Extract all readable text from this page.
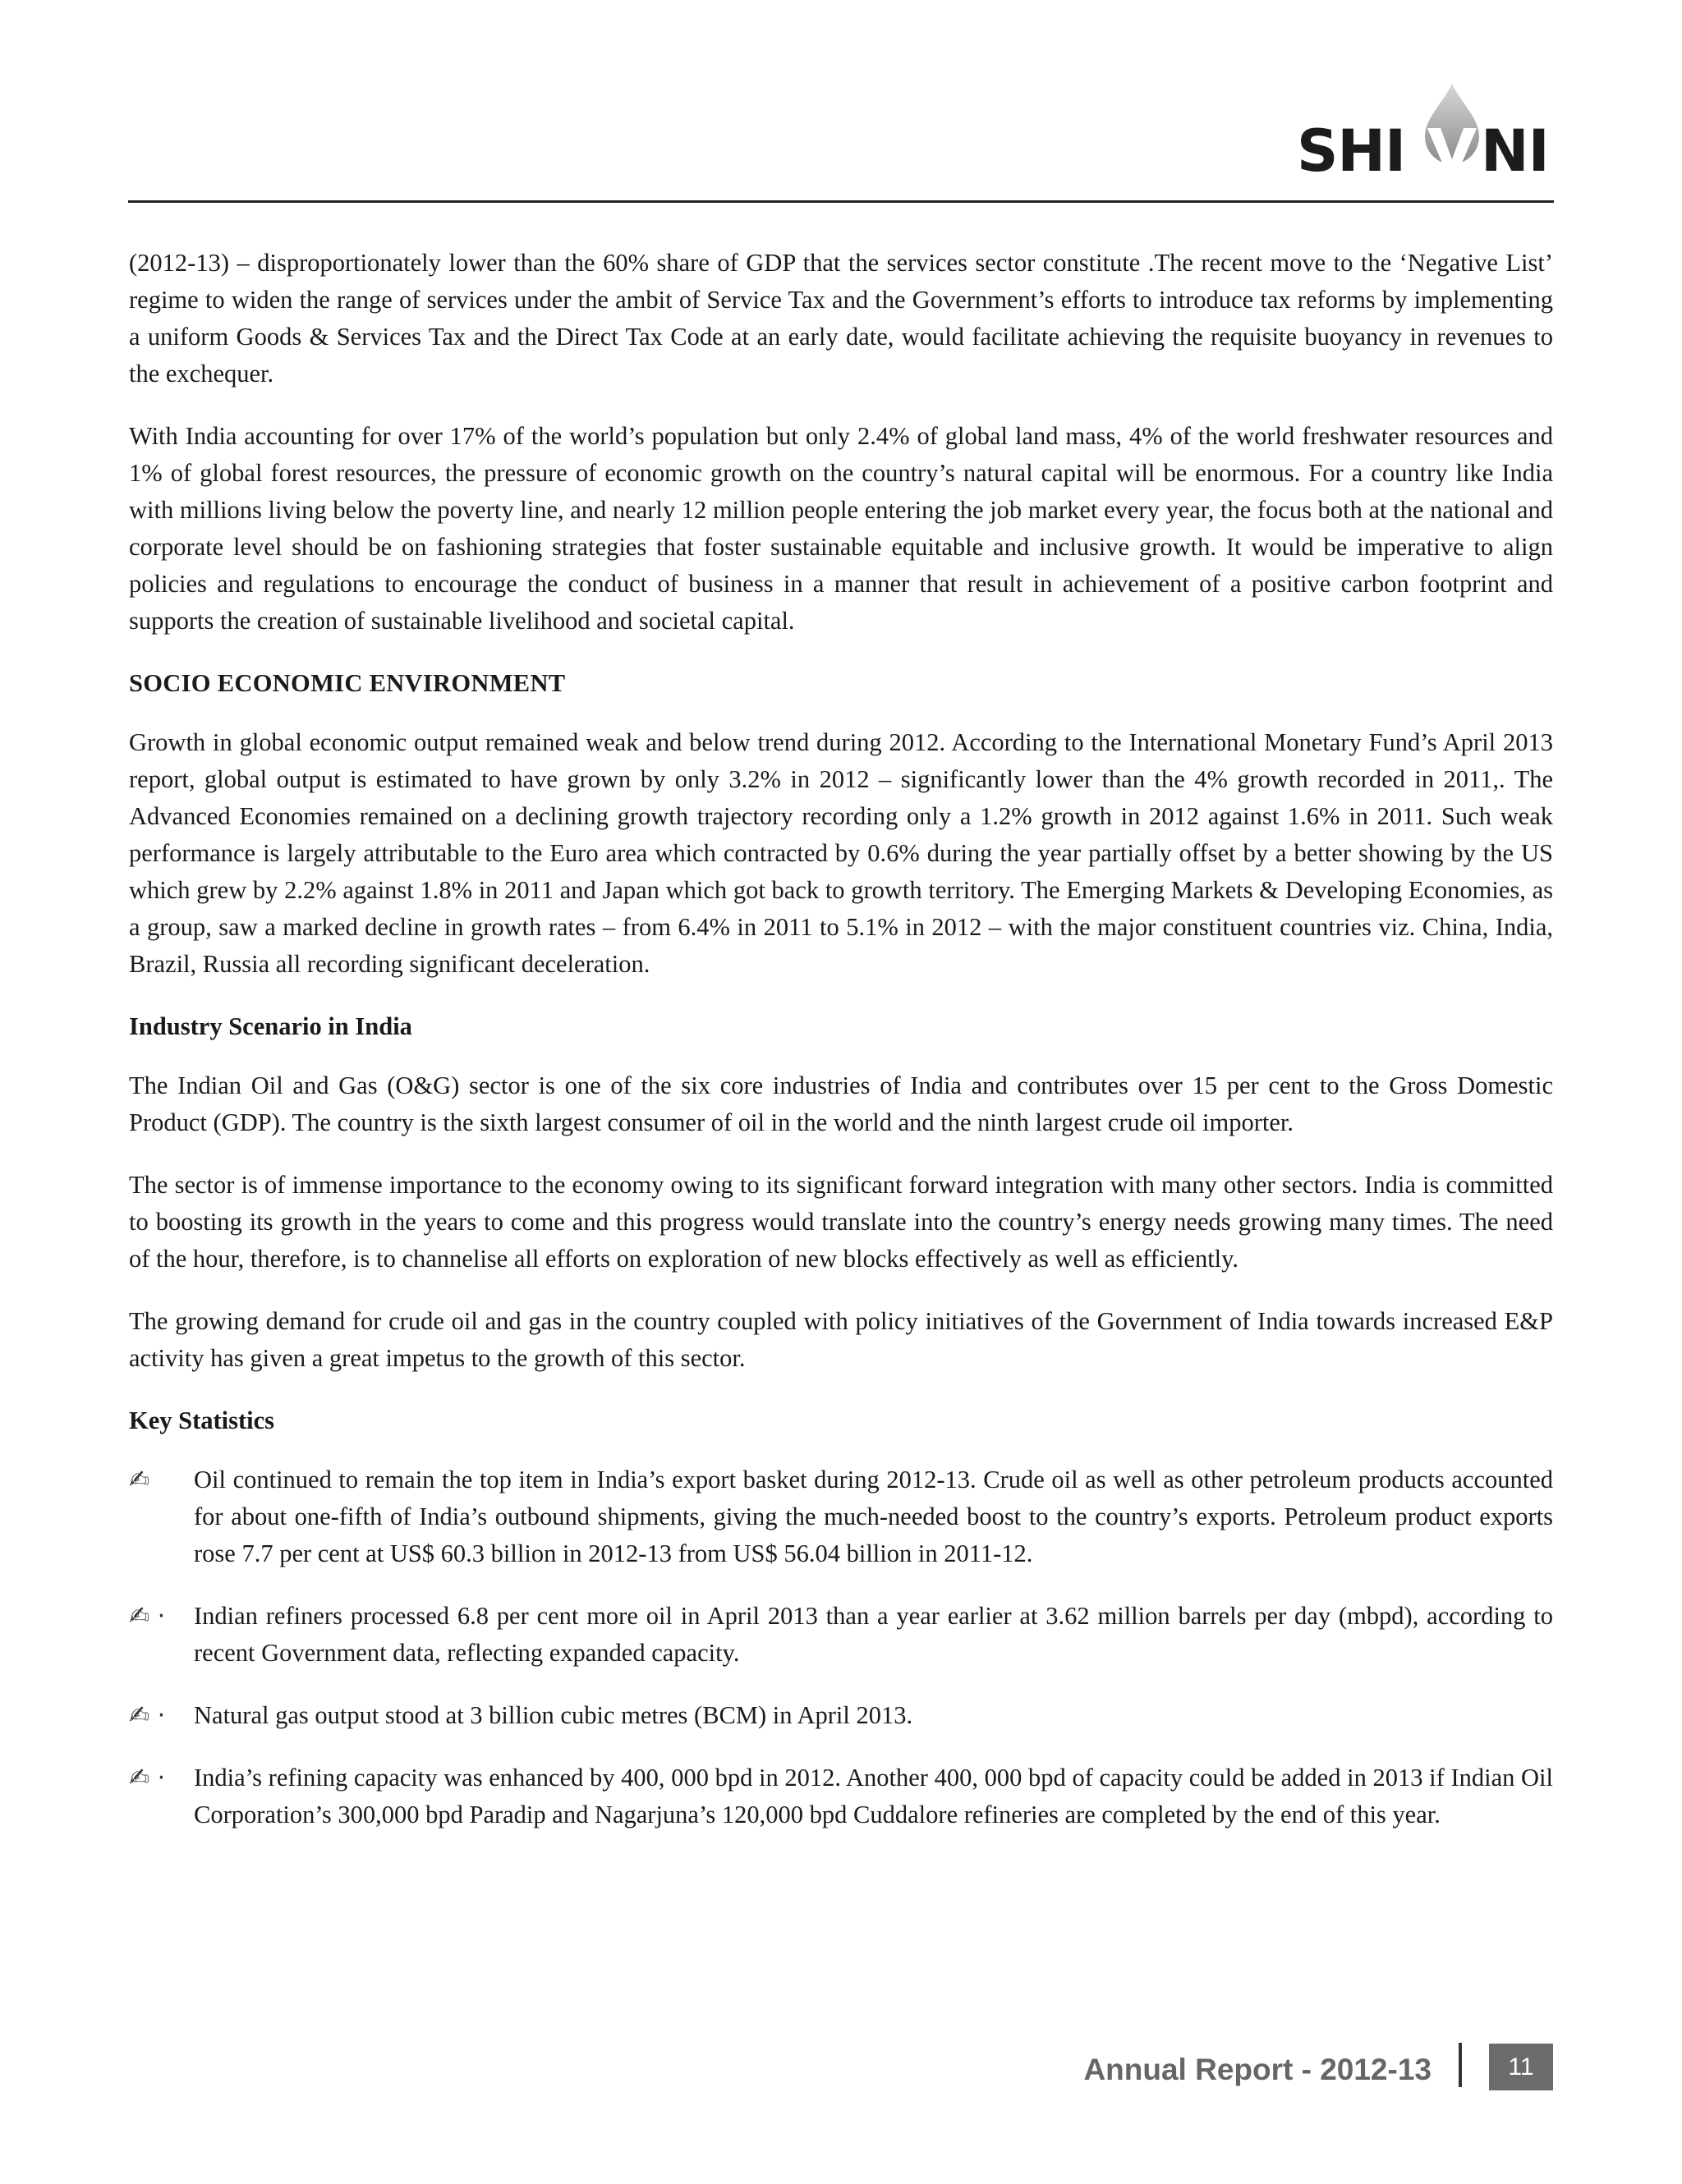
SHI NI

(2012-13) – disproportionately lower than the 60% share of GDP that the services sector constitute .The recent move to the ‘Negative List’ regime to widen the range of services under the ambit of Service Tax and the Government’s efforts to introduce tax reforms by implementing a uniform Goods & Services Tax and the Direct Tax Code at an early date, would facilitate achieving the requisite buoyancy in revenues to the exchequer.

With India accounting for over 17% of the world’s population but only 2.4% of global land mass, 4% of the world freshwater resources and 1% of global forest resources, the pressure of economic growth on the country’s natural capital will be enormous. For a country like India with millions living below the poverty line, and nearly 12 million people entering the job market every year, the focus both at the national and corporate level should be on fashioning strategies that foster sustainable equitable and inclusive growth. It would be imperative to align policies and regulations to encourage the conduct of business in a manner that result in achievement of a positive carbon footprint and supports the creation of sustainable livelihood and societal capital.

SOCIO ECONOMIC ENVIRONMENT

Growth in global economic output remained weak and below trend during 2012. According to the International Monetary Fund’s April 2013 report, global output is estimated to have grown by only 3.2% in 2012 – significantly lower than the 4% growth recorded in 2011,. The Advanced Economies remained on a declining growth trajectory recording only a 1.2% growth in 2012 against 1.6% in 2011. Such weak performance is largely attributable to the Euro area which contracted by 0.6% during the year partially offset by a better showing by the US which grew by 2.2% against 1.8% in 2011 and Japan which got back to growth territory. The Emerging Markets & Developing Economies, as a group, saw a marked decline in growth rates – from 6.4% in 2011 to 5.1% in 2012 – with the major constituent countries viz. China, India, Brazil, Russia all recording significant deceleration.

Industry Scenario in India

The Indian Oil and Gas (O&G) sector is one of the six core industries of India and contributes over 15 per cent to the Gross Domestic Product (GDP). The country is the sixth largest consumer of oil in the world and the ninth largest crude oil importer.

The sector is of immense importance to the economy owing to its significant forward integration with many other sectors. India is committed to boosting its growth in the years to come and this progress would translate into the country’s energy needs growing many times. The need of the hour, therefore, is to channelise all efforts on exploration of new blocks effectively as well as efficiently.

The growing demand for crude oil and gas in the country coupled with policy initiatives of the Government of India towards increased E&P activity has given a great impetus to the growth of this sector.

Key Statistics
✍	Oil continued to remain the top item in India’s export basket during 2012-13. Crude oil as well as other petroleum products accounted for about one-fifth of India’s outbound shipments, giving the much-needed boost to the country’s exports. Petroleum product exports rose 7.7 per cent at US$ 60.3 billion in 2012-13 from US$ 56.04 billion in 2011-12.
✍ ·	Indian refiners processed 6.8 per cent more oil in April 2013 than a year earlier at 3.62 million barrels per day (mbpd), according to recent Government data, reflecting expanded capacity.
✍ ·	Natural gas output stood at 3 billion cubic metres (BCM) in April 2013.
✍ ·	India’s refining capacity was enhanced by 400, 000 bpd in 2012. Another 400, 000 bpd of capacity could be added in 2013 if Indian Oil Corporation’s 300,000 bpd Paradip and Nagarjuna’s 120,000 bpd Cuddalore refineries are completed by the end of this year.
Annual Report - 2012-13	11
